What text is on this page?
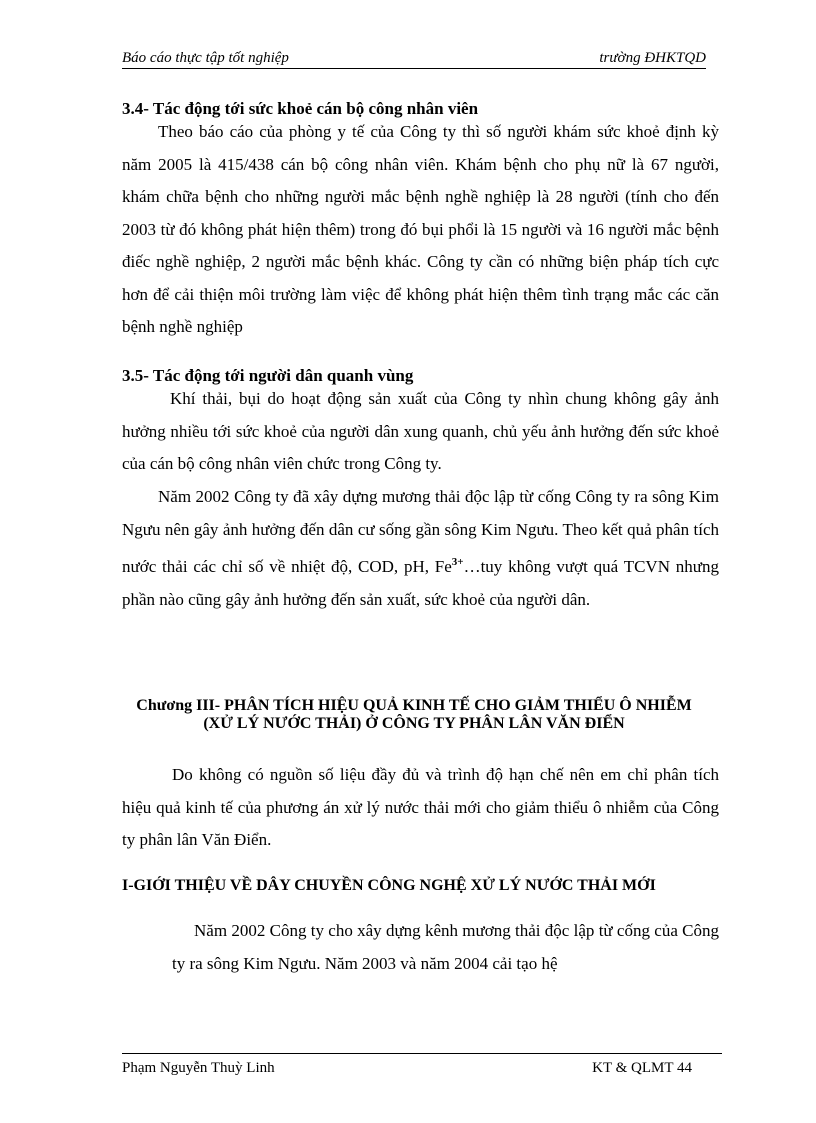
Báo cáo thực tập tốt nghiệp	trường ĐHKTQD
3.4- Tác động tới sức khoẻ cán bộ công nhân viên

Theo báo cáo của phòng y tế của Công ty thì số người khám sức khoẻ định kỳ năm 2005 là 415/438 cán bộ công nhân viên. Khám bệnh cho phụ nữ là 67 người, khám chữa bệnh cho những người mắc bệnh nghề nghiệp là 28 người (tính cho đến 2003 từ đó không phát hiện thêm) trong đó bụi phổi là 15 người và 16 người mắc bệnh điếc nghề nghiệp, 2 người mắc bệnh khác. Công ty cần có những biện pháp tích cực hơn để cải thiện môi trường làm việc để không phát hiện thêm tình trạng mắc các căn bệnh nghề nghiệp

3.5- Tác động tới người dân quanh vùng

Khí thải, bụi do hoạt động sản xuất của Công ty nhìn chung không gây ảnh hưởng nhiều tới sức khoẻ của người dân xung quanh, chủ yếu ảnh hưởng đến sức khoẻ của cán bộ công nhân viên chức trong Công ty.

Năm 2002 Công ty đã xây dựng mương thải độc lập từ cống Công ty ra sông Kim Ngưu nên gây ảnh hưởng đến dân cư sống gần sông Kim Ngưu. Theo kết quả phân tích nước thải các chỉ số về nhiệt độ, COD, pH, $Fe^{3+}\dots tuy$ không vượt quá TCVN nhưng phần nào cũng gây ảnh hưởng đến sản xuất, sức khoẻ của người dân.

Chương III- PHÂN TÍCH HIỆU QUẢ KINH TẾ CHO GIẢM THIỂU Ô NHIỄM (XỬ LÝ NƯỚC THẢI) Ở CÔNG TY PHÂN LÂN VĂN ĐIỂN

Do không có nguồn số liệu đầy đủ và trình độ hạn chế nên em chỉ phân tích hiệu quả kinh tế của phương án xử lý nước thải mới cho giảm thiểu ô nhiễm của Công ty phân lân Văn Điển.

I-GIỚI THIỆU VỀ DÂY CHUYỀN CÔNG NGHỆ XỬ LÝ NƯỚC THẢI MỚI

Năm 2002 Công ty cho xây dựng kênh mương thải độc lập từ cống của Công ty ra sông Kim Ngưu. Năm 2003 và năm 2004 cải tạo hệ

Phạm Nguyễn Thuỳ Linh	KT & QLMT 44
